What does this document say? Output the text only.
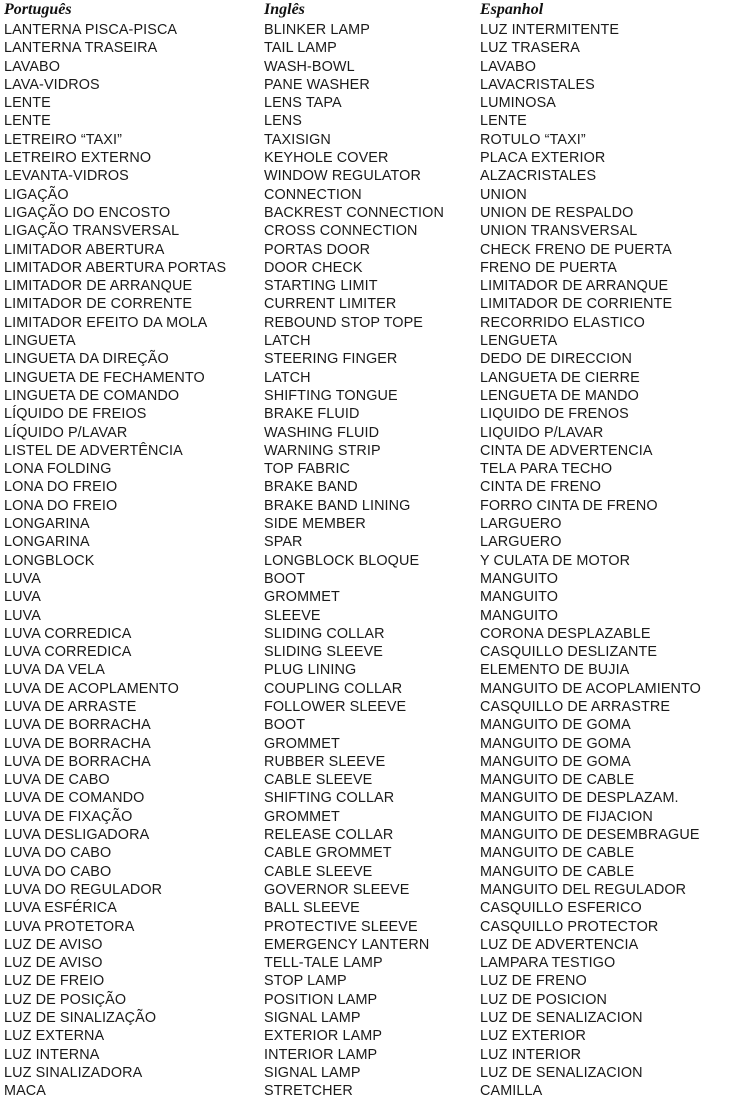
Português	Inglês	Espanhol
LANTERNA PISCA-PISCA	BLINKER LAMP	LUZ INTERMITENTE
LANTERNA TRASEIRA	TAIL LAMP	LUZ TRASERA
LAVABO	WASH-BOWL	LAVABO
LAVA-VIDROS	PANE WASHER	LAVACRISTALES
LENTE	LENS TAPA	LUMINOSA
LENTE	LENS	LENTE
LETREIRO “TAXI”	TAXISIGN	ROTULO “TAXI”
LETREIRO EXTERNO	KEYHOLE COVER	PLACA EXTERIOR
LEVANTA-VIDROS	WINDOW REGULATOR	ALZACRISTALES
LIGAÇÃO	CONNECTION	UNION
LIGAÇÃO DO ENCOSTO	BACKREST CONNECTION	UNION DE RESPALDO
LIGAÇÃO TRANSVERSAL	CROSS CONNECTION	UNION TRANSVERSAL
LIMITADOR ABERTURA	PORTAS DOOR	CHECK FRENO DE PUERTA
LIMITADOR ABERTURA PORTAS	DOOR CHECK	FRENO DE PUERTA
LIMITADOR DE ARRANQUE	STARTING LIMIT	LIMITADOR DE ARRANQUE
LIMITADOR DE CORRENTE	CURRENT LIMITER	LIMITADOR DE CORRIENTE
LIMITADOR EFEITO DA MOLA	REBOUND STOP TOPE	RECORRIDO ELASTICO
LINGUETA	LATCH	LENGUETA
LINGUETA DA DIREÇÃO	STEERING FINGER	DEDO DE DIRECCION
LINGUETA DE FECHAMENTO	LATCH	LANGUETA DE CIERRE
LINGUETA DE COMANDO	SHIFTING TONGUE	LENGUETA DE MANDO
LÍQUIDO DE FREIOS	BRAKE FLUID	LIQUIDO DE FRENOS
LÍQUIDO P/LAVAR	WASHING FLUID	LIQUIDO P/LAVAR
LISTEL DE ADVERTÊNCIA	WARNING STRIP	CINTA DE ADVERTENCIA
LONA FOLDING	TOP FABRIC	TELA PARA TECHO
LONA DO FREIO	BRAKE BAND	CINTA DE FRENO
LONA DO FREIO	BRAKE BAND LINING	FORRO CINTA DE FRENO
LONGARINA	SIDE MEMBER	LARGUERO
LONGARINA	SPAR	LARGUERO
LONGBLOCK	LONGBLOCK BLOQUE	Y CULATA DE MOTOR
LUVA	BOOT	MANGUITO
LUVA	GROMMET	MANGUITO
LUVA	SLEEVE	MANGUITO
LUVA CORREDICA	SLIDING COLLAR	CORONA DESPLAZABLE
LUVA CORREDICA	SLIDING SLEEVE	CASQUILLO DESLIZANTE
LUVA DA VELA	PLUG LINING	ELEMENTO DE BUJIA
LUVA DE ACOPLAMENTO	COUPLING COLLAR	MANGUITO DE ACOPLAMIENTO
LUVA DE ARRASTE	FOLLOWER SLEEVE	CASQUILLO DE ARRASTRE
LUVA DE BORRACHA	BOOT	MANGUITO DE GOMA
LUVA DE BORRACHA	GROMMET	MANGUITO DE GOMA
LUVA DE BORRACHA	RUBBER SLEEVE	MANGUITO DE GOMA
LUVA DE CABO	CABLE SLEEVE	MANGUITO DE CABLE
LUVA DE COMANDO	SHIFTING COLLAR	MANGUITO DE DESPLAZAM.
LUVA DE FIXAÇÃO	GROMMET	MANGUITO DE FIJACION
LUVA DESLIGADORA	RELEASE COLLAR	MANGUITO DE DESEMBRAGUE
LUVA DO CABO	CABLE GROMMET	MANGUITO DE CABLE
LUVA DO CABO	CABLE SLEEVE	MANGUITO DE CABLE
LUVA DO REGULADOR	GOVERNOR SLEEVE	MANGUITO DEL REGULADOR
LUVA ESFÉRICA	BALL SLEEVE	CASQUILLO ESFERICO
LUVA PROTETORA	PROTECTIVE SLEEVE	CASQUILLO PROTECTOR
LUZ DE AVISO	EMERGENCY LANTERN	LUZ DE ADVERTENCIA
LUZ DE AVISO	TELL-TALE LAMP	LAMPARA TESTIGO
LUZ DE FREIO	STOP LAMP	LUZ DE FRENO
LUZ DE POSIÇÃO	POSITION LAMP	LUZ DE POSICION
LUZ DE SINALIZAÇÃO	SIGNAL LAMP	LUZ DE SENALIZACION
LUZ EXTERNA	EXTERIOR LAMP	LUZ EXTERIOR
LUZ INTERNA	INTERIOR LAMP	LUZ INTERIOR
LUZ SINALIZADORA	SIGNAL LAMP	LUZ DE SENALIZACION
MACA	STRETCHER	CAMILLA
